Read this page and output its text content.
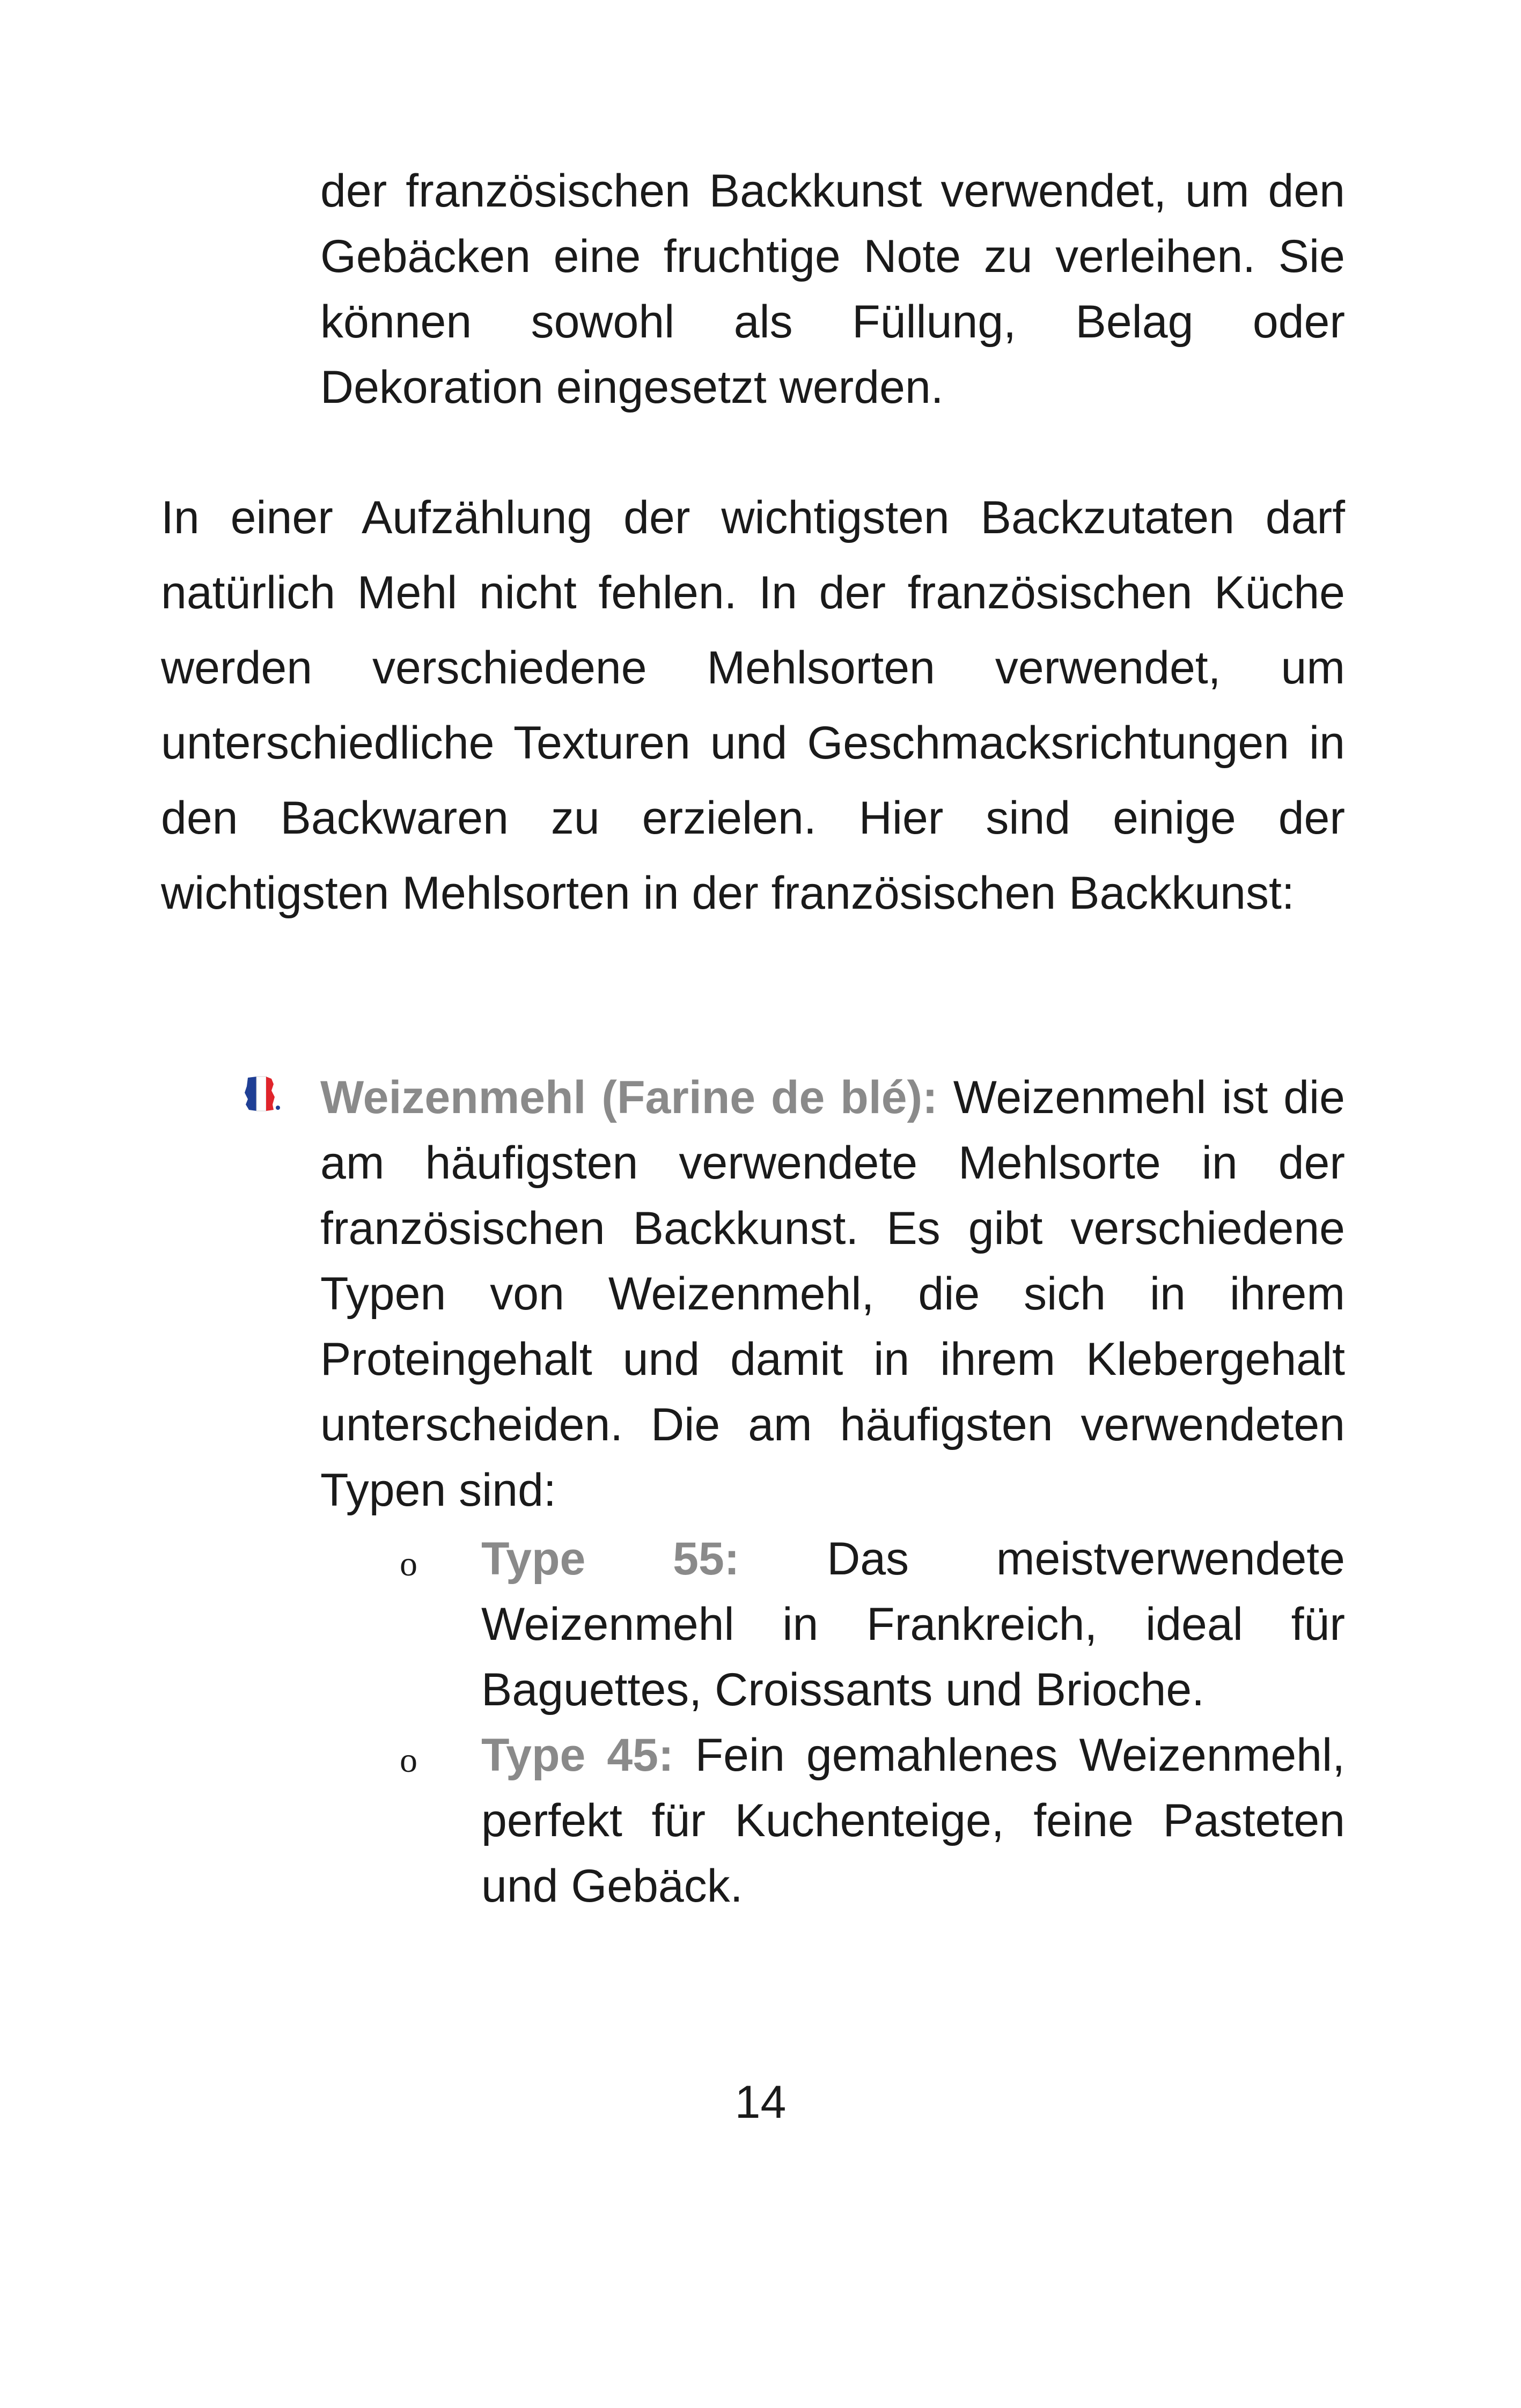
der französischen Backkunst verwendet, um den Gebäcken eine fruchtige Note zu verleihen. Sie können sowohl als Füllung, Belag oder Dekoration eingesetzt werden.

In einer Aufzählung der wichtigsten Backzutaten darf natürlich Mehl nicht fehlen. In der französischen Küche werden verschiedene Mehlsorten verwendet, um unterschiedliche Texturen und Geschmacksrichtungen in den Backwaren zu erzielen. Hier sind einige der wichtigsten Mehlsorten in der französischen Backkunst:

Weizenmehl (Farine de blé): Weizenmehl ist die am häufigsten verwendete Mehlsorte in der französischen Backkunst. Es gibt verschiedene Typen von Weizenmehl, die sich in ihrem Proteingehalt und damit in ihrem Klebergehalt unterscheiden. Die am häufigsten verwendeten Typen sind:

o Type 55: Das meistverwendete Weizenmehl in Frankreich, ideal für Baguettes, Croissants und Brioche.

o Type 45: Fein gemahlenes Weizenmehl, perfekt für Kuchenteige, feine Pasteten und Gebäck.

14
